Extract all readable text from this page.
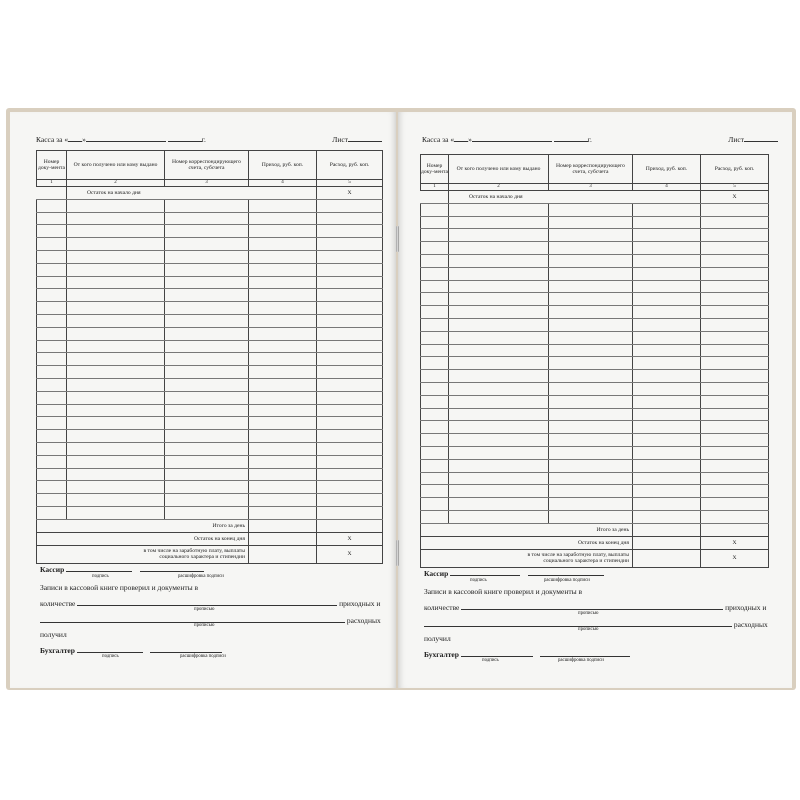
Касса за « »	г.	Лист
Номер доку-мента	От кого получено или кому выдано	Номер корреспондирующего счета, субсчета	Приход, руб. коп.	Расход, руб. коп.
1	2	3	4	5
	Остаток на начало дня			X

Итого за день				
Остаток на конец дня				X
в том числе на заработную плату, выплаты
социального характера и стипендии				X
Кассир
подпись	расшифровка подписи
Записи в кассовой книге проверил и документы в
количестве	приходных и
прописью
расходных
прописью
получил
Бухгалтер
подпись	расшифровка подписи
Касса за « »	г.	Лист
Номер доку-мента	От кого получено или кому выдано	Номер корреспондирующего счета, субсчета	Приход, руб. коп.	Расход, руб. коп.
1	2	3	4	5
	Остаток на начало дня			X

Итого за день				
Остаток на конец дня				X
в том числе на заработную плату, выплаты
социального характера и стипендии				X
Кассир
подпись	расшифровка подписи
Записи в кассовой книге проверил и документы в
количестве	приходных и
прописью
расходных
прописью
получил
Бухгалтер
подпись	расшифровка подписи
